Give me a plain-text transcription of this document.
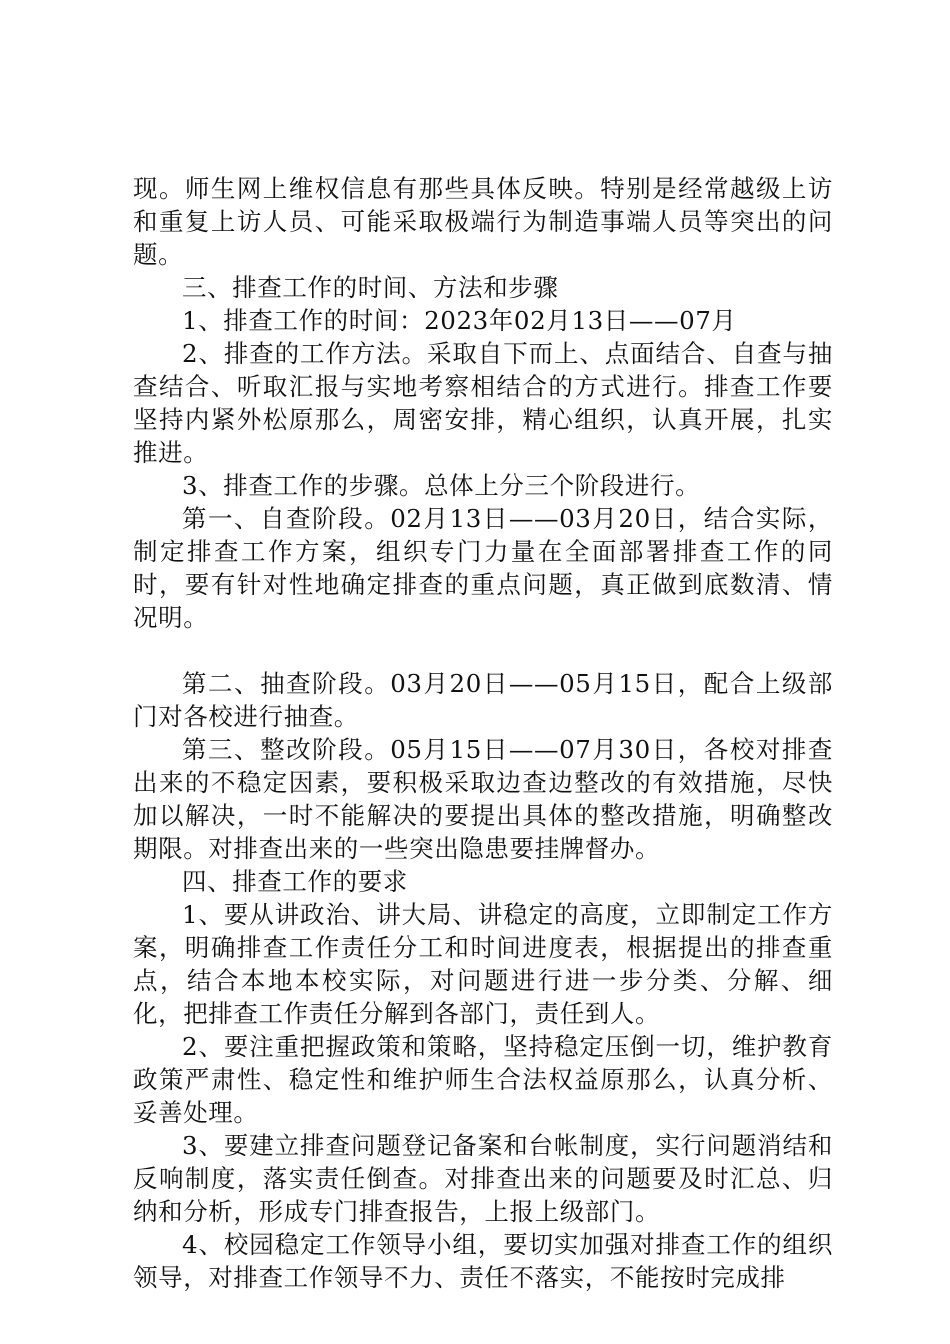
现。师生网上维权信息有那些具体反映。特别是经常越级上访和重复上访人员、可能采取极端行为制造事端人员等突出的问题。

三、排查工作的时间、方法和步骤

1、排查工作的时间：2023年02月13日——07月

2、排查的工作方法。采取自下而上、点面结合、自查与抽查结合、听取汇报与实地考察相结合的方式进行。排查工作要坚持内紧外松原那么，周密安排，精心组织，认真开展，扎实推进。

3、排查工作的步骤。总体上分三个阶段进行。

第一、自查阶段。02月13日——03月20日，结合实际，制定排查工作方案，组织专门力量在全面部署排查工作的同时，要有针对性地确定排查的重点问题，真正做到底数清、情况明。

第二、抽查阶段。03月20日——05月15日，配合上级部门对各校进行抽查。

第三、整改阶段。05月15日——07月30日，各校对排查出来的不稳定因素，要积极采取边查边整改的有效措施，尽快加以解决，一时不能解决的要提出具体的整改措施，明确整改期限。对排查出来的一些突出隐患要挂牌督办。

四、排查工作的要求

1、要从讲政治、讲大局、讲稳定的高度，立即制定工作方案，明确排查工作责任分工和时间进度表，根据提出的排查重点，结合本地本校实际，对问题进行进一步分类、分解、细化，把排查工作责任分解到各部门，责任到人。

2、要注重把握政策和策略，坚持稳定压倒一切，维护教育政策严肃性、稳定性和维护师生合法权益原那么，认真分析、妥善处理。

3、要建立排查问题登记备案和台帐制度，实行问题消结和反响制度，落实责任倒查。对排查出来的问题要及时汇总、归纳和分析，形成专门排查报告，上报上级部门。

4、校园稳定工作领导小组，要切实加强对排查工作的组织领导，对排查工作领导不力、责任不落实，不能按时完成排
